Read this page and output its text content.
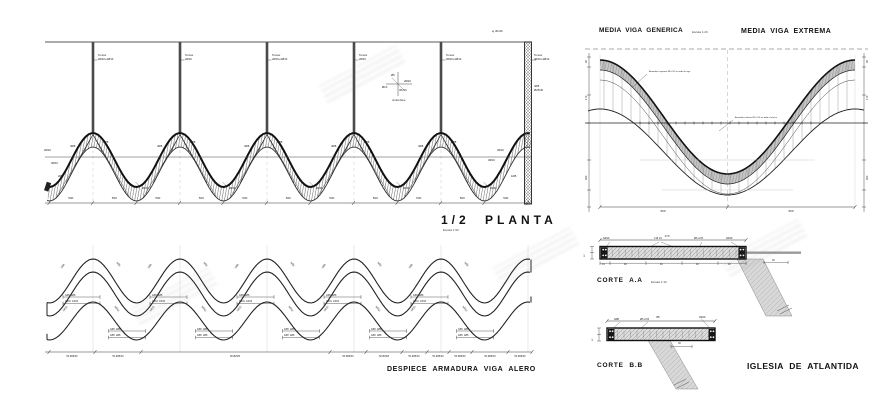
Tensor
2Ø10+2Ø10
Tensor
2Ø10
Tensor
2Ø10+2Ø10
Tensor
2Ø10
Tensor
2Ø10+2Ø10
Tensor
4Ø10+4Ø10
4Ø5
Ø25/30
ej 30x30
Ø5
2Ø10
Ø10
30x30
Junta llave
4Ø8
2Ø8
4Ø8
2Ø8
4Ø8
2Ø8
4Ø8
2Ø8
4Ø8
2Ø8
2Ø10	2Ø10	2Ø10	2Ø10	2Ø10
2Ø10
3Ø10
2Ø8
2Ø10
3Ø10
1Ø8
500	500	500	500	500	500	500	500	500	500	500
1Ø8	1Ø8
1Ø10	1Ø10
1Ø8	1Ø8
1Ø10	1Ø10
1Ø8	1Ø8
1Ø10	1Ø10
1Ø8	1Ø8
1Ø10	1Ø10
1Ø8	1Ø8
1Ø10	1Ø10
1Ø8  1Ø8
1Ø10  1Ø10
1Ø8  1Ø8
1Ø10  1Ø10
1Ø8  1Ø8
1Ø10  1Ø10
1Ø8  1Ø8
1Ø10  1Ø10
1Ø8  1Ø8
1Ø10  1Ø10
1Ø8  1Ø8
1Ø8  1Ø8
1Ø8  1Ø8
1Ø8  1Ø8
1Ø8  1Ø8
1Ø8  1Ø8
1Ø8  1Ø8
1Ø8  1Ø8
1Ø8  1Ø8
1Ø8  1Ø8
50 Ø25/30	50 Ø25/30	50 Ø25/8	50 Ø25/30	50 Ø25/8	50 Ø25/30	50 Ø25/30	50 Ø25/30	50 Ø25/30	50 Ø25/30
30
170
300
30
170
300
500	500
Armadura superior Ø6 c/15 en toda la viga
Armadura inferior Ø6 c/15 en todo el ancho
170
4Ø10	4 Ø 10	Ø6 c/15	4Ø10
10	40	40	40	40
30
12
85
4Ø8	Ø6 c/15
4Ø10
30
12
1/2 PLANTA
Escala 1:50
DESPIECE ARMADURA VIGA ALERO
MEDIA VIGA GENERICA	Escala 1:20	MEDIA VIGA EXTREMA
CORTE A.A	Escala 1:10
CORTE B.B	IGLESIA DE ATLANTIDA
